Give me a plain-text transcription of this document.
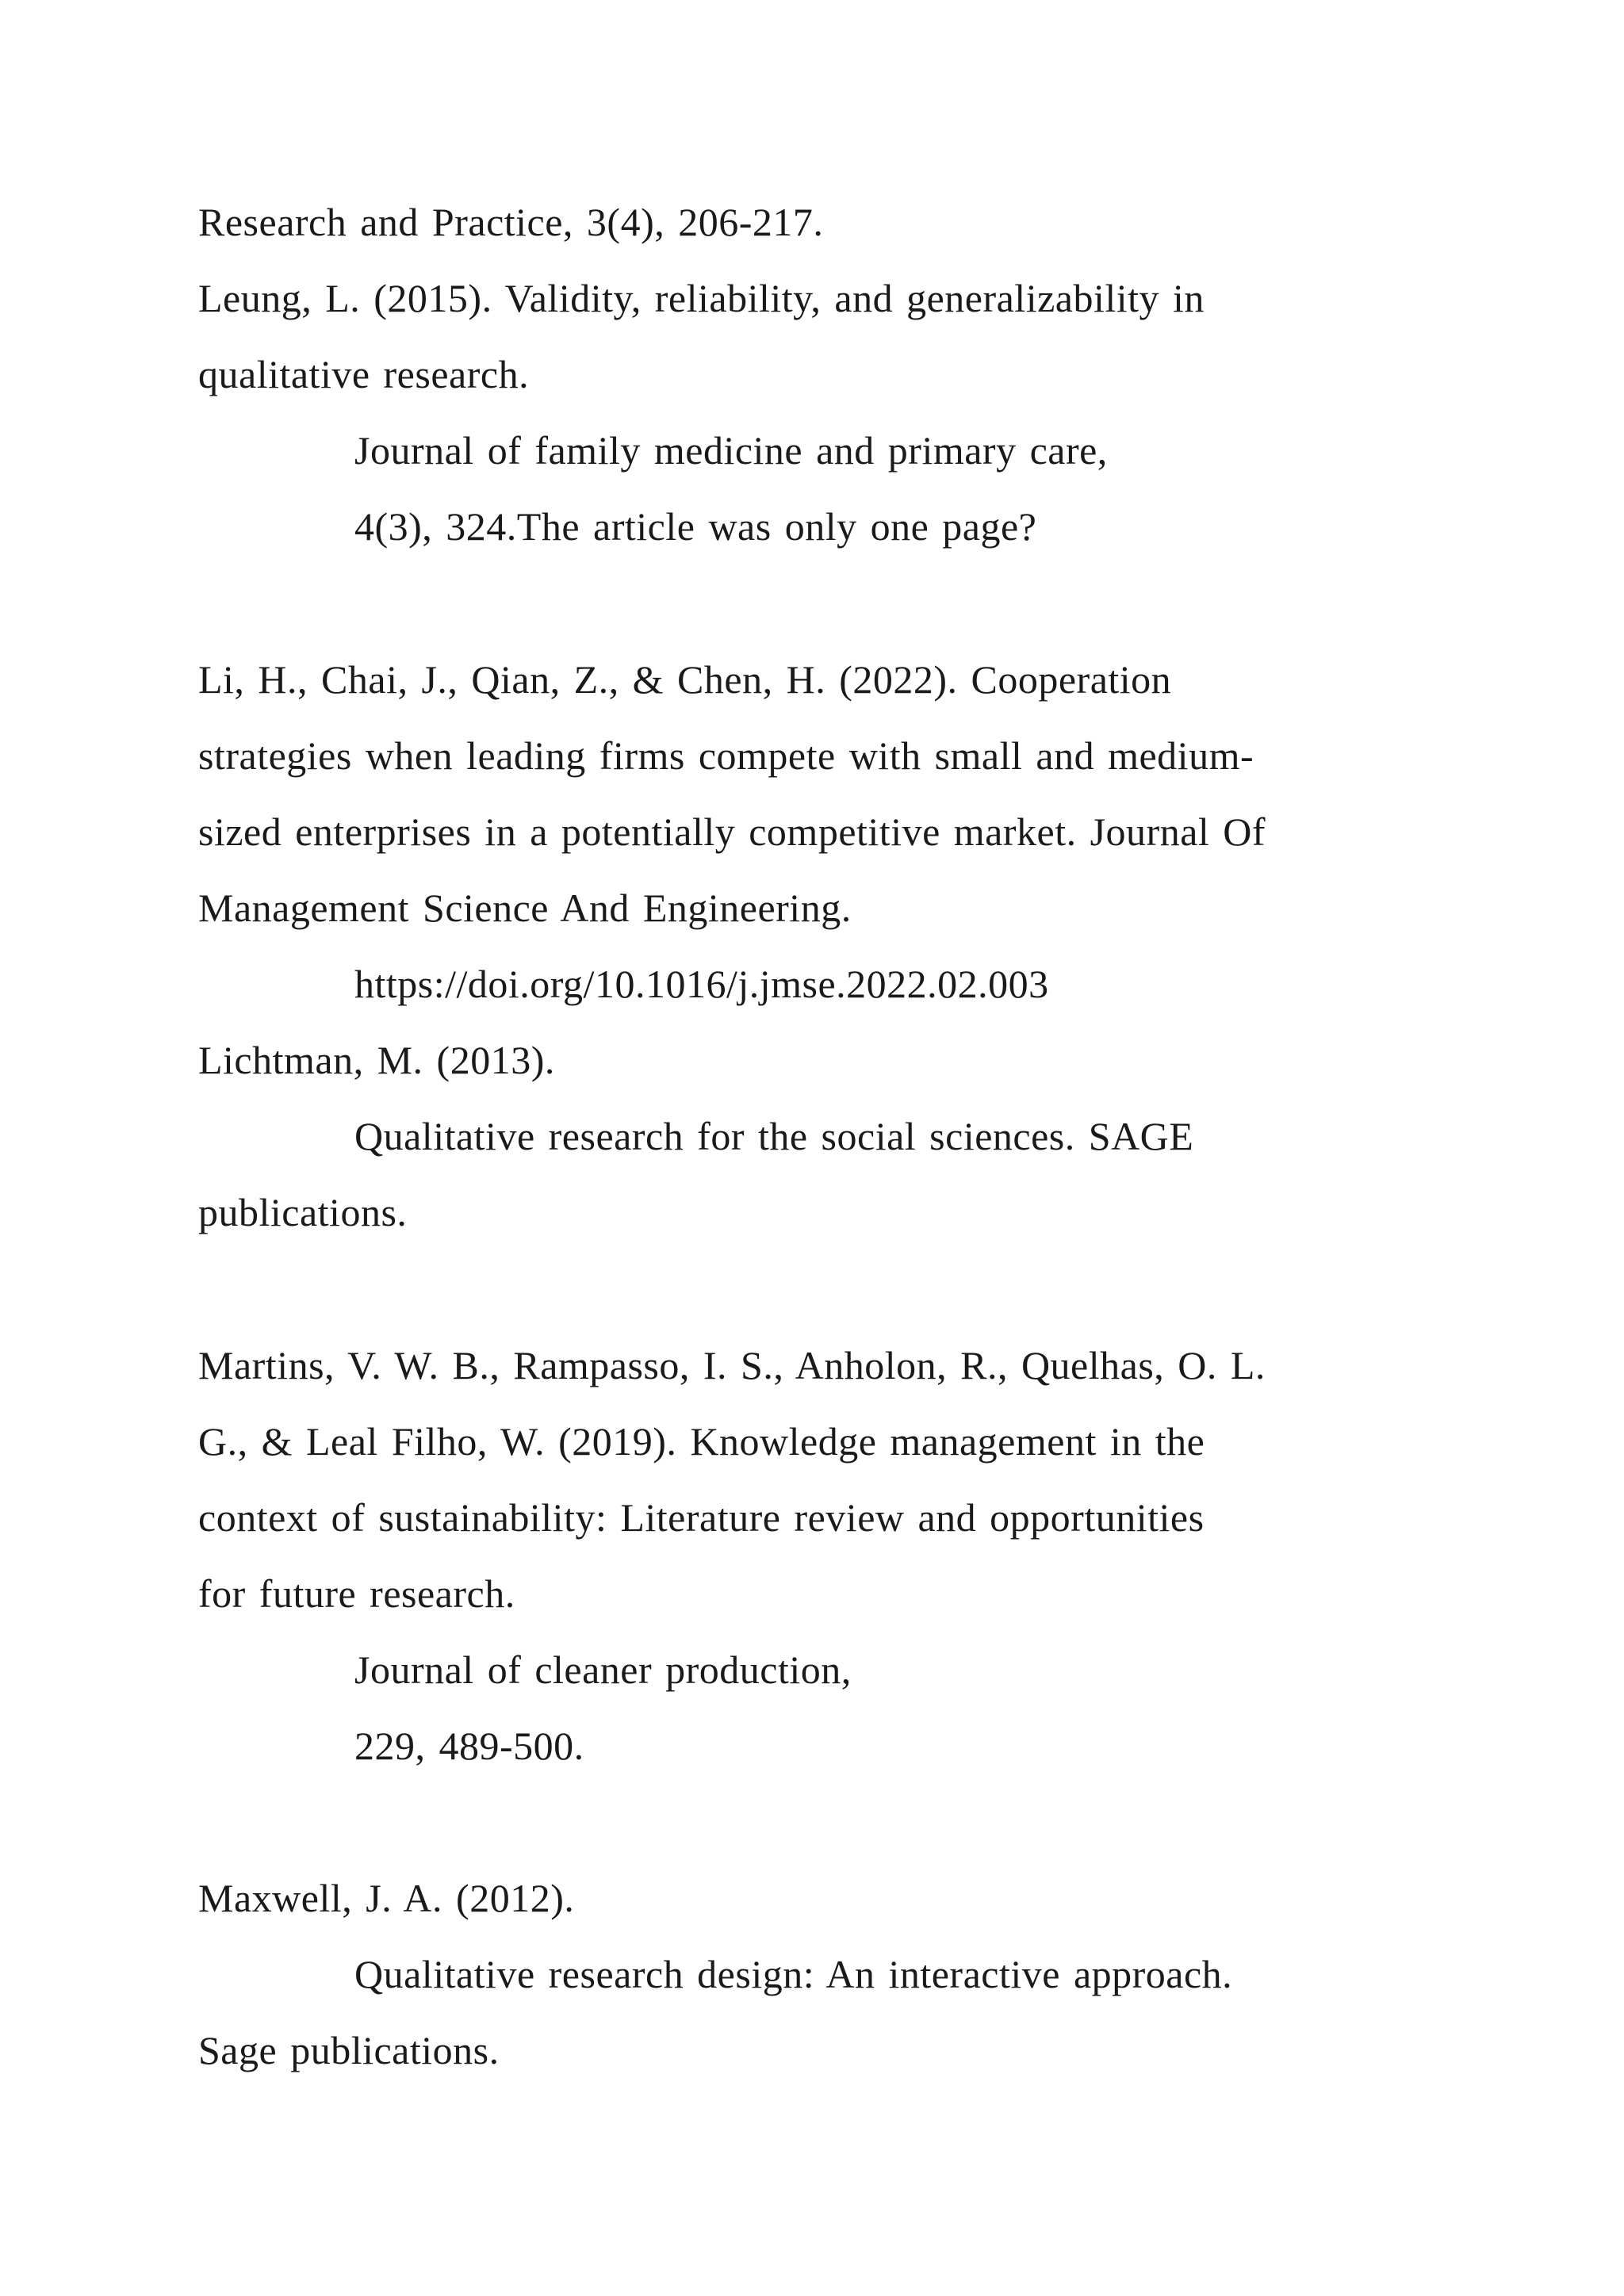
Research and Practice, 3(4), 206-217.

Leung, L. (2015). Validity, reliability, and generalizability in

qualitative research.

Journal of family medicine and primary care,

4(3), 324.The article was only one page?

Li, H., Chai, J., Qian, Z., & Chen, H. (2022). Cooperation

strategies when leading firms compete with small and medium-

sized enterprises in a potentially competitive market. Journal Of

Management Science And Engineering.

https://doi.org/10.1016/j.jmse.2022.02.003

Lichtman, M. (2013).

Qualitative research for the social sciences. SAGE

publications.

Martins, V. W. B., Rampasso, I. S., Anholon, R., Quelhas, O. L.

G., & Leal Filho, W. (2019). Knowledge management in the

context of sustainability: Literature review and opportunities

for future research.

Journal of cleaner production,

229, 489-500.

Maxwell, J. A. (2012).

Qualitative research design: An interactive approach.

Sage publications.
